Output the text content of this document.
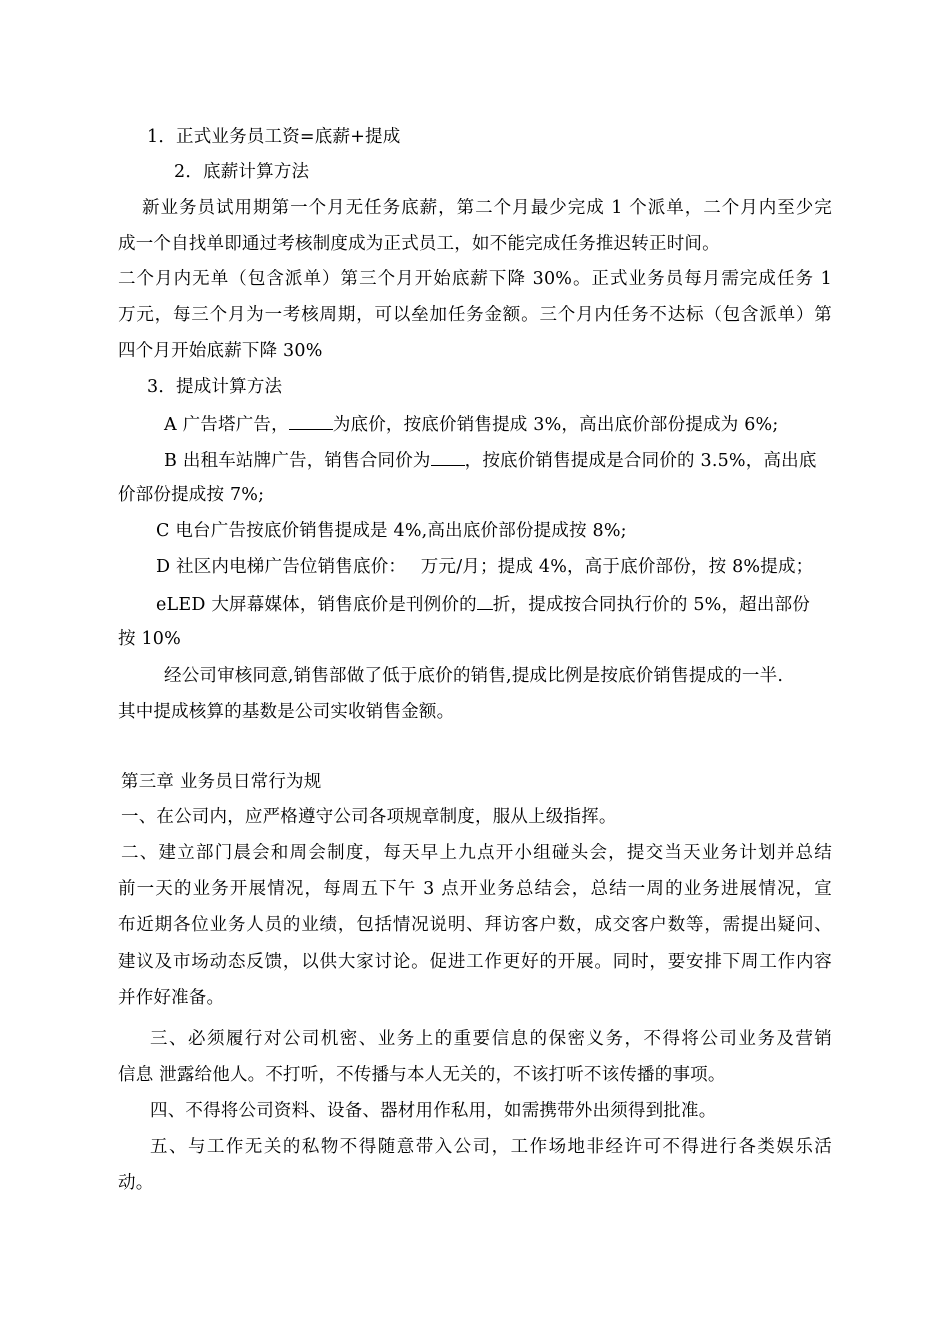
1．正式业务员工资=底薪+提成
2．底薪计算方法
新业务员试用期第一个月无任务底薪，第二个月最少完成 1 个派单，二个月内至少完
成一个自找单即通过考核制度成为正式员工，如不能完成任务推迟转正时间。
二个月内无单（包含派单）第三个月开始底薪下降 30%。正式业务员每月需完成任务 1
万元，每三个月为一考核周期，可以垒加任务金额。三个月内任务不达标（包含派单）第
四个月开始底薪下降 30%
3．提成计算方法
A 广告塔广告，	为底价，按底价销售提成 3%，高出底价部份提成为 6%;
B 出租车站牌广告，销售合同价为 ，按底价销售提成是合同价的 3.5%，高出底
价部份提成按 7%;
C 电台广告按底价销售提成是 4%,高出底价部份提成按 8%;
D 社区内电梯广告位销售底价：　 万元/月；提成 4%，高于底价部份，按 8%提成；
eLED 大屏幕媒体，销售底价是刊例价的 折，提成按合同执行价的 5%，超出部份
按 10%
经公司审核同意,销售部做了低于底价的销售,提成比例是按底价销售提成的一半.
其中提成核算的基数是公司实收销售金额。
第三章 业务员日常行为规
一、在公司内，应严格遵守公司各项规章制度，服从上级指挥。
二、建立部门晨会和周会制度，每天早上九点开小组碰头会，提交当天业务计划并总结
前一天的业务开展情况，每周五下午 3 点开业务总结会，总结一周的业务进展情况，宣
布近期各位业务人员的业绩，包括情况说明、拜访客户数，成交客户数等，需提出疑问、
建议及市场动态反馈，以供大家讨论。促进工作更好的开展。同时，要安排下周工作内容
并作好准备。
三、必须履行对公司机密、业务上的重要信息的保密义务，不得将公司业务及营销
信息 泄露给他人。不打听，不传播与本人无关的，不该打听不该传播的事项。
四、不得将公司资料、设备、器材用作私用，如需携带外出须得到批准。
五、与工作无关的私物不得随意带入公司，工作场地非经许可不得进行各类娱乐活
动。
